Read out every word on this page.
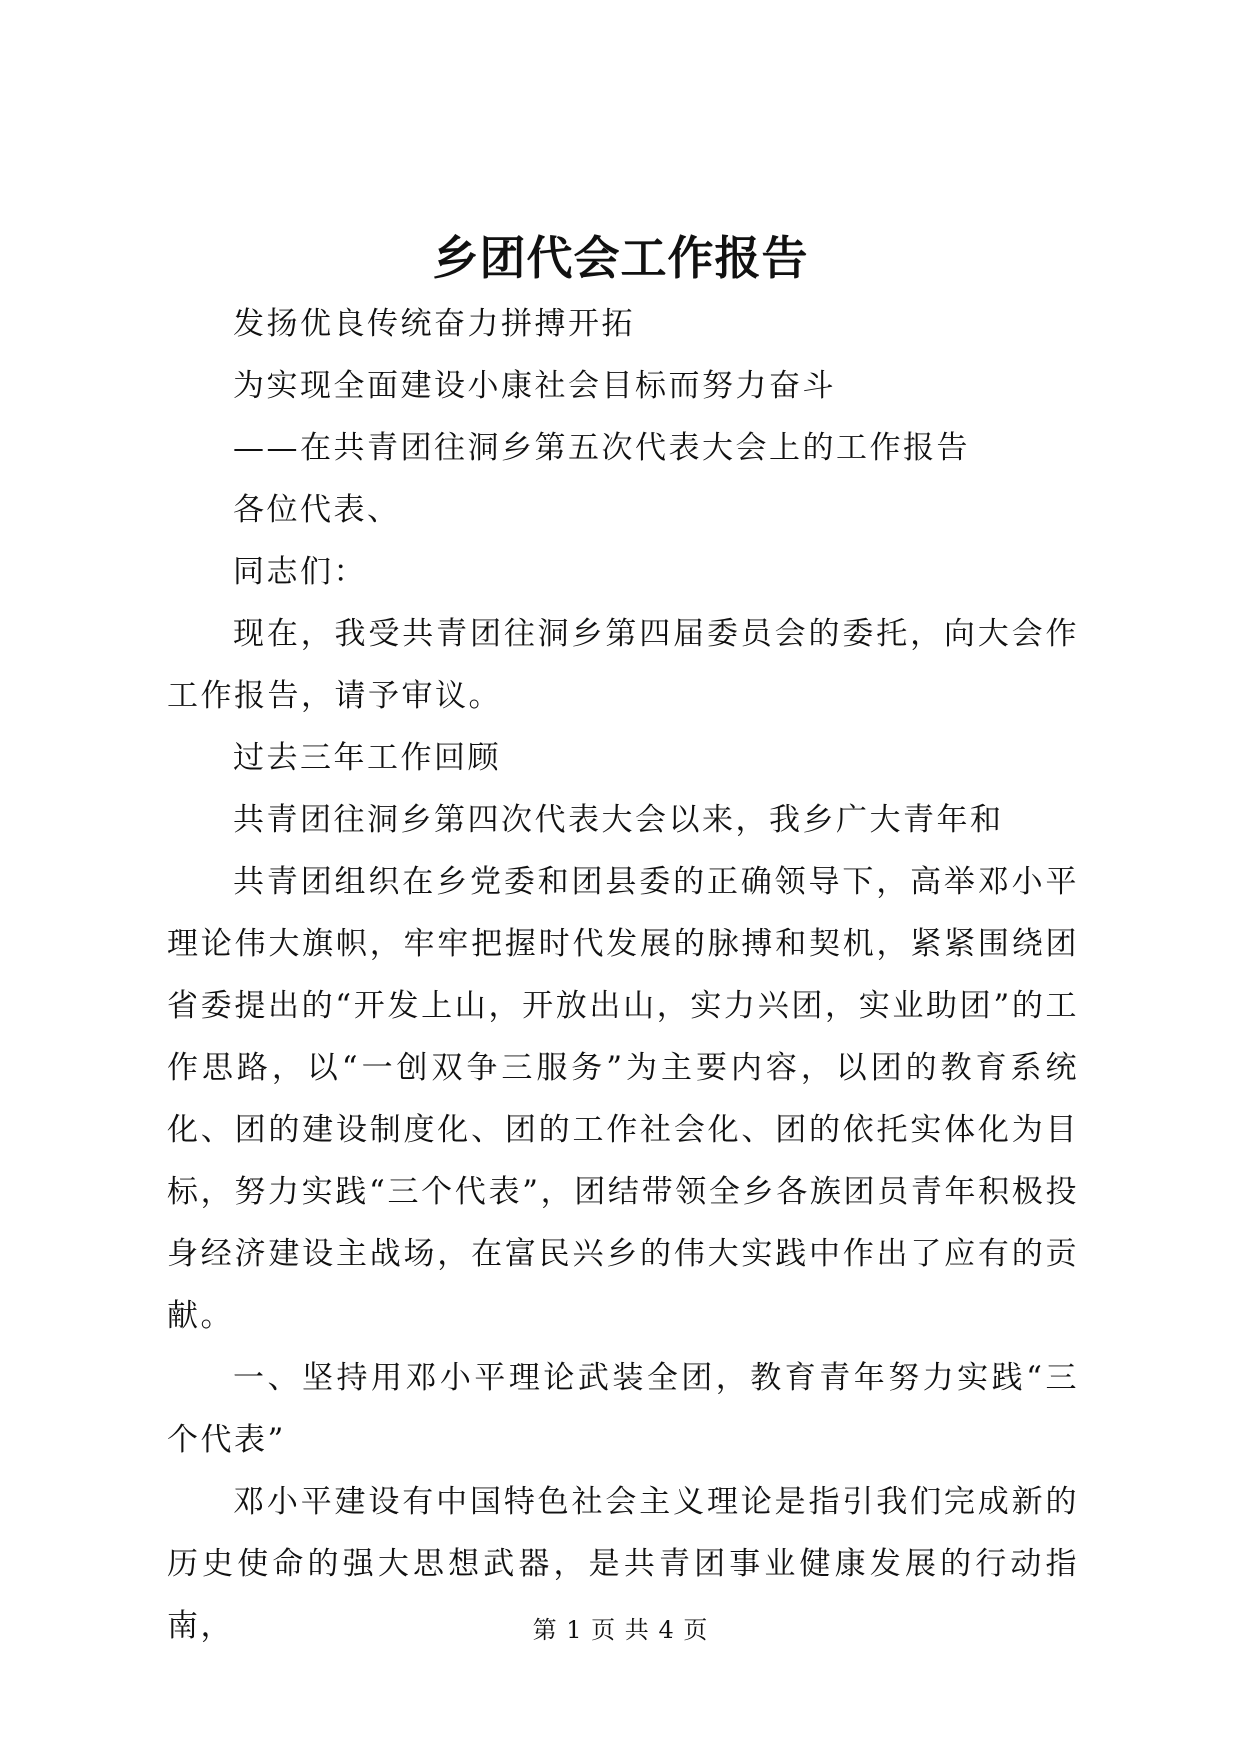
乡团代会工作报告

发扬优良传统奋力拼搏开拓

为实现全面建设小康社会目标而努力奋斗

——在共青团往洞乡第五次代表大会上的工作报告

各位代表、

同志们：

现在，我受共青团往洞乡第四届委员会的委托，向大会作工作报告，请予审议。

过去三年工作回顾

共青团往洞乡第四次代表大会以来，我乡广大青年和

共青团组织在乡党委和团县委的正确领导下，高举邓小平理论伟大旗帜，牢牢把握时代发展的脉搏和契机，紧紧围绕团省委提出的“开发上山，开放出山，实力兴团，实业助团”的工作思路，以“一创双争三服务”为主要内容，以团的教育系统化、团的建设制度化、团的工作社会化、团的依托实体化为目标，努力实践“三个代表”，团结带领全乡各族团员青年积极投身经济建设主战场，在富民兴乡的伟大实践中作出了应有的贡献。

一、坚持用邓小平理论武装全团，教育青年努力实践“三个代表”

邓小平建设有中国特色社会主义理论是指引我们完成新的历史使命的强大思想武器，是共青团事业健康发展的行动指南，	第 1 页 共 4 页
